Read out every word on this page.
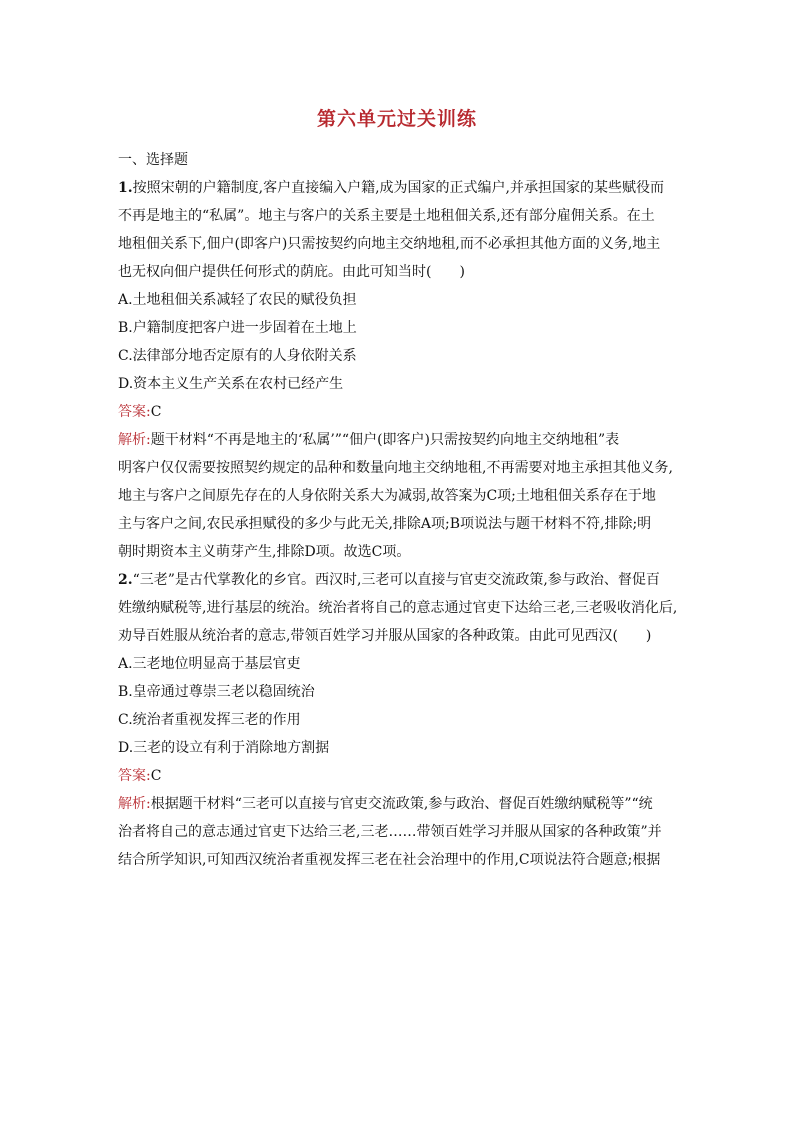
第六单元过关训练
一、选择题
1.按照宋朝的户籍制度,客户直接编入户籍,成为国家的正式编户,并承担国家的某些赋役而
不再是地主的“私属”。地主与客户的关系主要是土地租佃关系,还有部分雇佣关系。在土
地租佃关系下,佃户(即客户)只需按契约向地主交纳地租,而不必承担其他方面的义务,地主
也无权向佃户提供任何形式的荫庇。由此可知当时(　　)
A.土地租佃关系减轻了农民的赋役负担
B.户籍制度把客户进一步固着在土地上
C.法律部分地否定原有的人身依附关系
D.资本主义生产关系在农村已经产生
答案:C
解析:题干材料“不再是地主的‘私属’”“佃户(即客户)只需按契约向地主交纳地租”表
明客户仅仅需要按照契约规定的品种和数量向地主交纳地租,不再需要对地主承担其他义务,
地主与客户之间原先存在的人身依附关系大为减弱,故答案为C项;土地租佃关系存在于地
主与客户之间,农民承担赋役的多少与此无关,排除A项;B项说法与题干材料不符,排除;明
朝时期资本主义萌芽产生,排除D项。故选C项。
2.“三老”是古代掌教化的乡官。西汉时,三老可以直接与官吏交流政策,参与政治、督促百
姓缴纳赋税等,进行基层的统治。统治者将自己的意志通过官吏下达给三老,三老吸收消化后,
劝导百姓服从统治者的意志,带领百姓学习并服从国家的各种政策。由此可见西汉(　　)
A.三老地位明显高于基层官吏
B.皇帝通过尊崇三老以稳固统治
C.统治者重视发挥三老的作用
D.三老的设立有利于消除地方割据
答案:C
解析:根据题干材料“三老可以直接与官吏交流政策,参与政治、督促百姓缴纳赋税等”“统
治者将自己的意志通过官吏下达给三老,三老……带领百姓学习并服从国家的各种政策”并
结合所学知识,可知西汉统治者重视发挥三老在社会治理中的作用,C项说法符合题意;根据
